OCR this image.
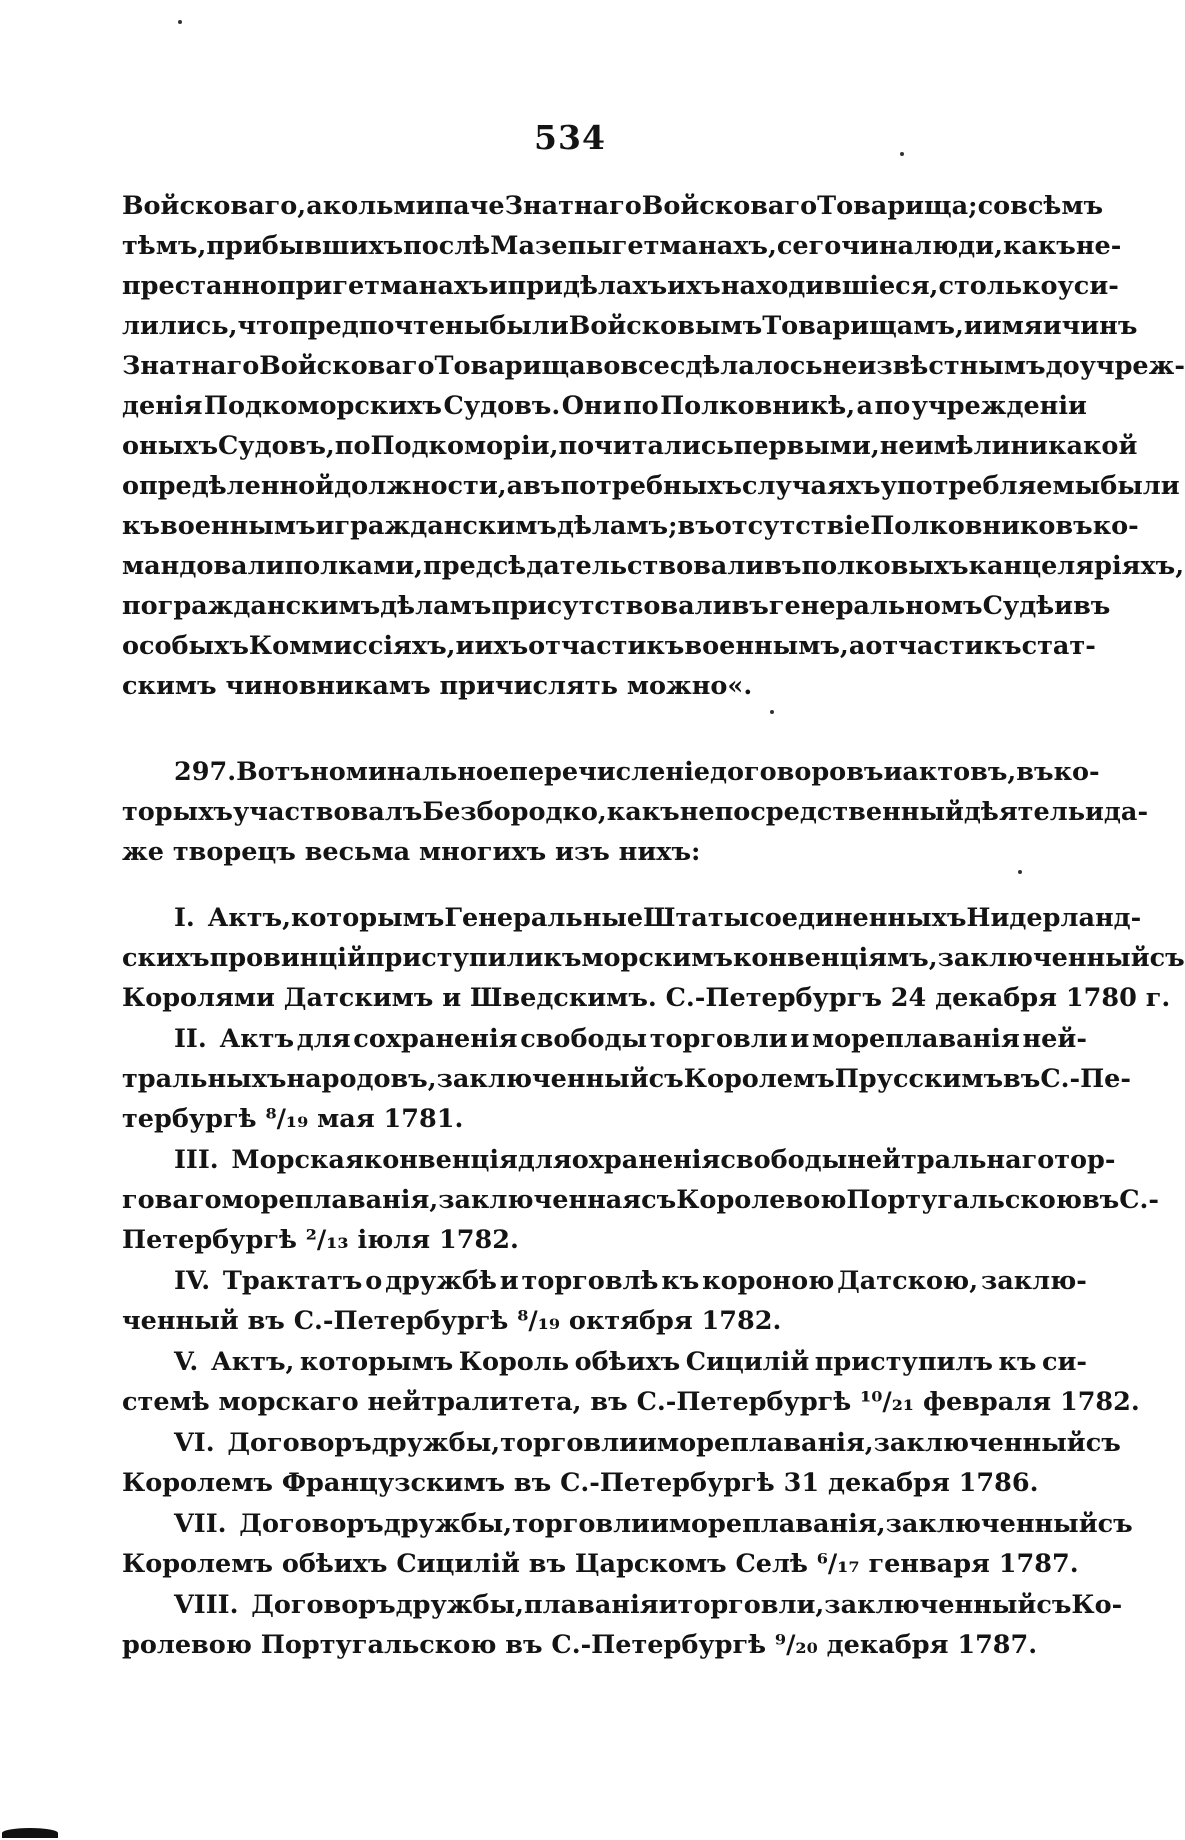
534
Войсковаго, а кольми паче Знатнаго Войсковаго Товарища; со всѣмъ
тѣмъ, при бывшихъ послѣ Мазепы гетманахъ, сего чина люди, какъ не-
престанно при гетманахъ и при дѣлахъ ихъ находившіеся, столько уси-
лились, что предпочтены были Войсковымъ Товарищамъ, и имя и чинъ
Знатнаго Войсковаго Товарища вовсе сдѣлалось неизвѣстнымъ до учреж-
денія Подкоморскихъ Судовъ. Они по Полковникѣ, а по учрежденіи
оныхъ Судовъ, по Подкоморіи, почитались первыми, не имѣли никакой
опредѣленной должности, а въ потребныхъ случаяхъ употребляемы были
къ военнымъ и гражданскимъ дѣламъ; въ отсутствіе Полковниковъ ко-
мандовали полками, предсѣдательствовали въ полковыхъ канцеляріяхъ,
по гражданскимъ дѣламъ присутствовали въ генеральномъ Судѣ и въ
особыхъ Коммиссіяхъ, и ихъ отчасти къ военнымъ, а отчасти къ стат-
скимъ чиновникамъ причислять можно«.
297. Вотъ номинальное перечисленіе договоровъ и актовъ, въ ко-
торыхъ участвовалъ Безбородко, какъ непосредственный дѣятель и да-
же творецъ весьма многихъ изъ нихъ:
I. Актъ, которымъ Генеральные Штаты соединенныхъ Нидерланд-
скихъ провинцій приступили къ морскимъ конвенціямъ, заключенный съ
Королями Датскимъ и Шведскимъ. С.-Петербургъ 24 декабря 1780 г.
II. Актъ для сохраненія свободы торговли и мореплаванія ней-
тральныхъ народовъ, заключенный съ Королемъ Прусскимъ въ С.-Пе-
тербургѣ ⁸/₁₉ мая 1781.
III. Морская конвенція для охраненія свободы нейтральнаго тор-
говаго мореплаванія, заключенная съ Королевою Португальскою въ С.-
Петербургѣ ²/₁₃ іюля 1782.
IV. Трактатъ о дружбѣ и торговлѣ къ короною Датскою, заклю-
ченный въ С.-Петербургѣ ⁸/₁₉ октября 1782.
V. Актъ, которымъ Король обѣихъ Сицилій приступилъ къ си-
стемѣ морскаго нейтралитета, въ С.-Петербургѣ ¹⁰/₂₁ февраля 1782.
VI. Договоръ дружбы, торговли и мореплаванія, заключенный съ
Королемъ Французскимъ въ С.-Петербургѣ 31 декабря 1786.
VII. Договоръ дружбы, торговли и мореплаванія, заключенный съ
Королемъ обѣихъ Сицилій въ Царскомъ Селѣ ⁶/₁₇ генваря 1787.
VIII. Договоръ дружбы, плаванія и торговли, заключенный съ Ко-
ролевою Португальскою въ С.-Петербургѣ ⁹/₂₀ декабря 1787.
